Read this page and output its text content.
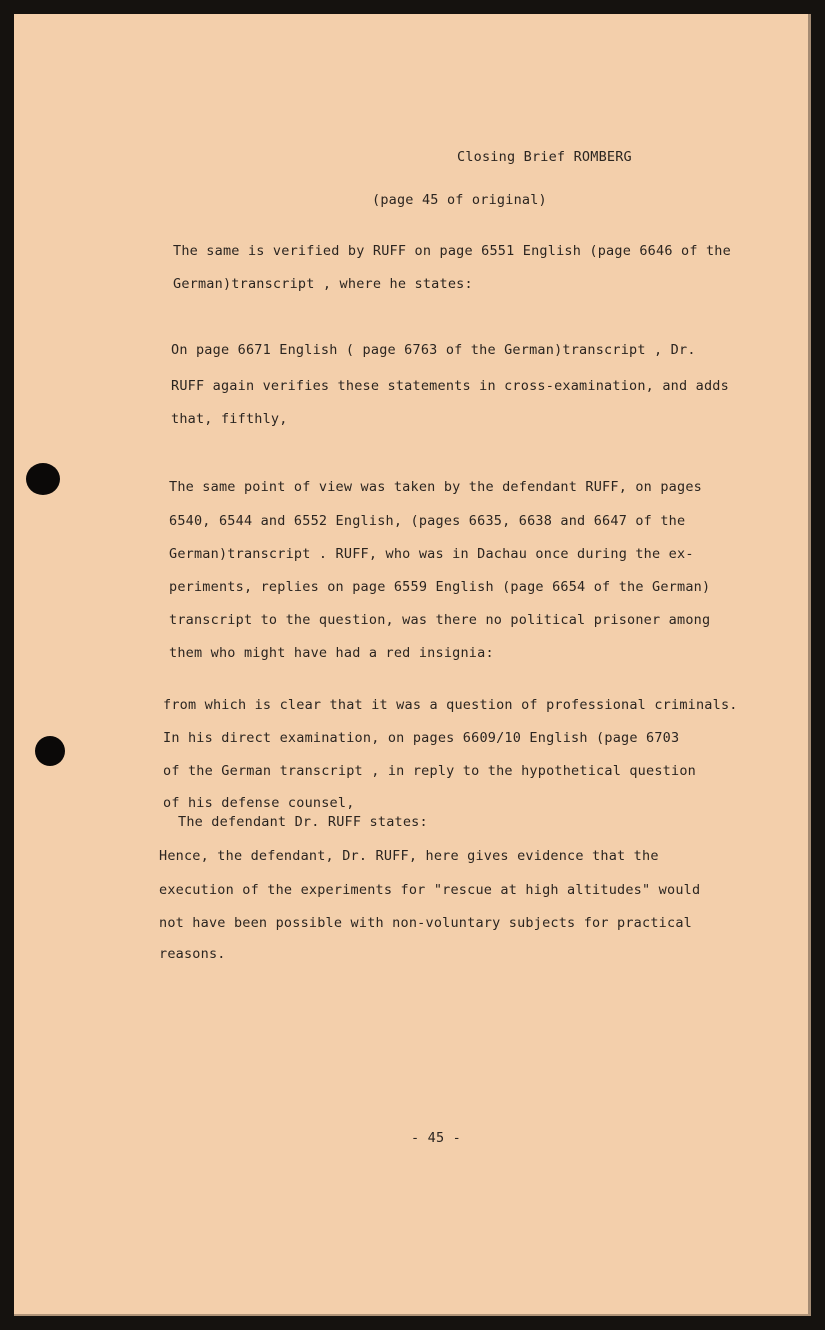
Closing Brief ROMBERG
(page 45 of original)
The same is verified by RUFF on page 6551 English (page 6646 of the
German)transcript , where he states:
On page 6671 English ( page 6763 of the German)transcript , Dr.
RUFF again verifies these statements in cross-examination, and adds
that, fifthly,
The same point of view was taken by the defendant RUFF, on pages
6540, 6544 and 6552 English, (pages 6635, 6638 and 6647 of the
German)transcript . RUFF, who was in Dachau once during the ex-
periments, replies on page 6559 English (page 6654 of the German)
transcript to the question, was there no political prisoner among
them who might have had a red insignia:
from which is clear that it was a question of professional criminals.
In his direct examination, on pages 6609/10 English (page 6703
of the German transcript , in reply to the hypothetical question
of his defense counsel,
The defendant Dr. RUFF states:
Hence, the defendant, Dr. RUFF, here gives evidence that the
execution of the experiments for "rescue at high altitudes" would
not have been possible with non-voluntary subjects for practical
reasons.
- 45 -
